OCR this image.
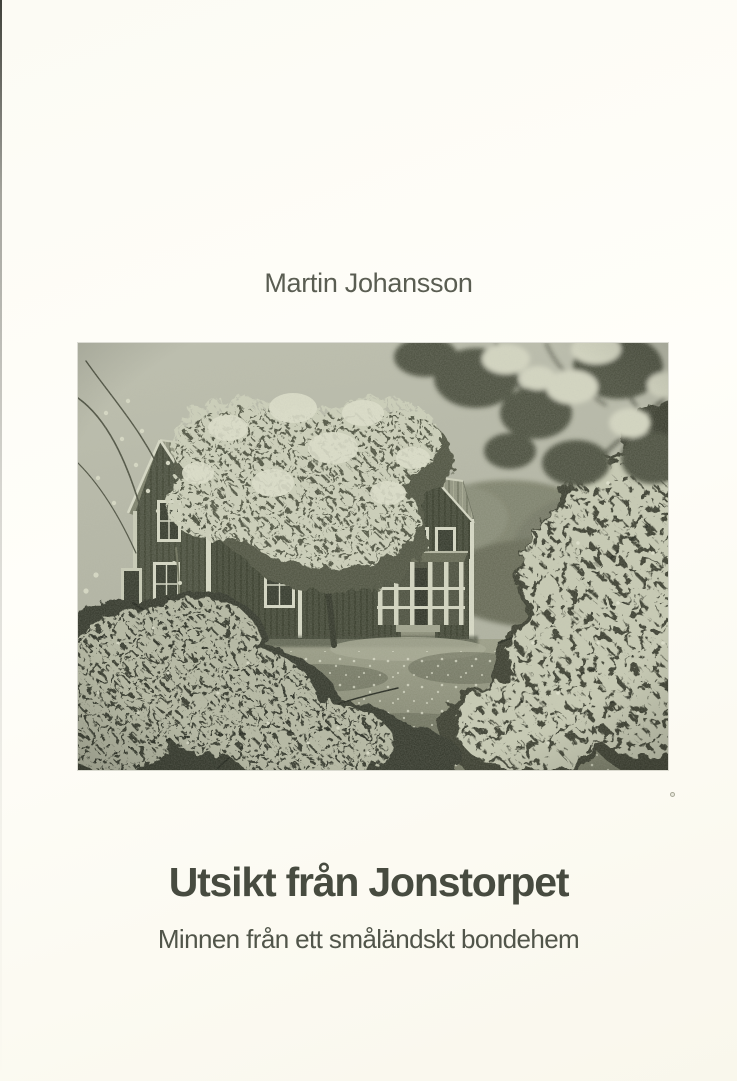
Martin Johansson
Utsikt från Jonstorpet
Minnen från ett småländskt bondehem
